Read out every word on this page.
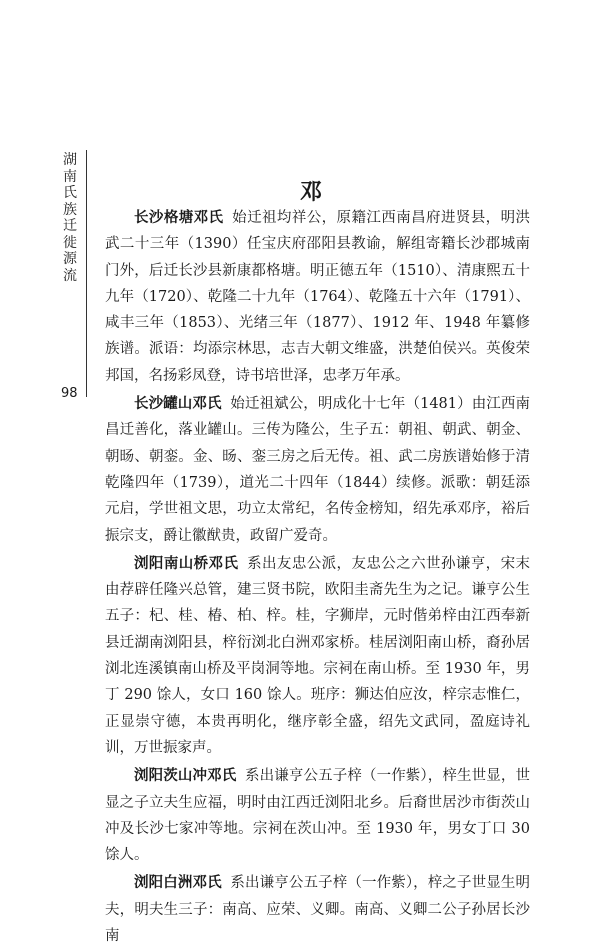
湖南氏族迁徙源流
98
邓

长沙格塘邓氏 始迁祖均祥公，原籍江西南昌府进贤县，明洪武二十三年（1390）任宝庆府邵阳县教谕，解组寄籍长沙郡城南门外，后迁长沙县新康都格塘。明正德五年（1510）、清康熙五十九年（1720）、乾隆二十九年（1764）、乾隆五十六年（1791）、咸丰三年（1853）、光绪三年（1877）、1912 年、1948 年纂修族谱。派语：均添宗林思，志吉大朝文维盛，洪楚伯侯兴。英俊荣邦国，名扬彩凤登，诗书培世泽，忠孝万年承。

长沙罐山邓氏 始迁祖斌公，明成化十七年（1481）由江西南昌迁善化，落业罐山。三传为隆公，生子五：朝祖、朝武、朝金、朝旸、朝銮。金、旸、銮三房之后无传。祖、武二房族谱始修于清乾隆四年（1739），道光二十四年（1844）续修。派歌：朝廷添元启，学世祖文思，功立太常纪，名传金榜知，绍先承邓序，裕后振宗支，爵让徽猷贵，政留广爱奇。

浏阳南山桥邓氏 系出友忠公派，友忠公之六世孙谦亨，宋末由荐辟任隆兴总管，建三贤书院，欧阳圭斋先生为之记。谦亨公生五子：杞、桂、椿、柏、梓。桂，字狮岸，元时偕弟梓由江西奉新县迁湖南浏阳县，梓衍浏北白洲邓家桥。桂居浏阳南山桥，裔孙居浏北连溪镇南山桥及平岗洞等地。宗祠在南山桥。至 1930 年，男丁 290 馀人，女口 160 馀人。班序：狮达伯应汝，梓宗志惟仁，正显崇守德，本贵再明化，继序彰全盛，绍先文武同，盈庭诗礼训，万世振家声。

浏阳茨山冲邓氏 系出谦亨公五子梓（一作紫），梓生世显，世显之子立夫生应福，明时由江西迁浏阳北乡。后裔世居沙市街茨山冲及长沙七家冲等地。宗祠在茨山冲。至 1930 年，男女丁口 30 馀人。

浏阳白洲邓氏 系出谦亨公五子梓（一作紫），梓之子世显生明夫，明夫生三子：南高、应荣、义卿。南高、义卿二公子孙居长沙南
